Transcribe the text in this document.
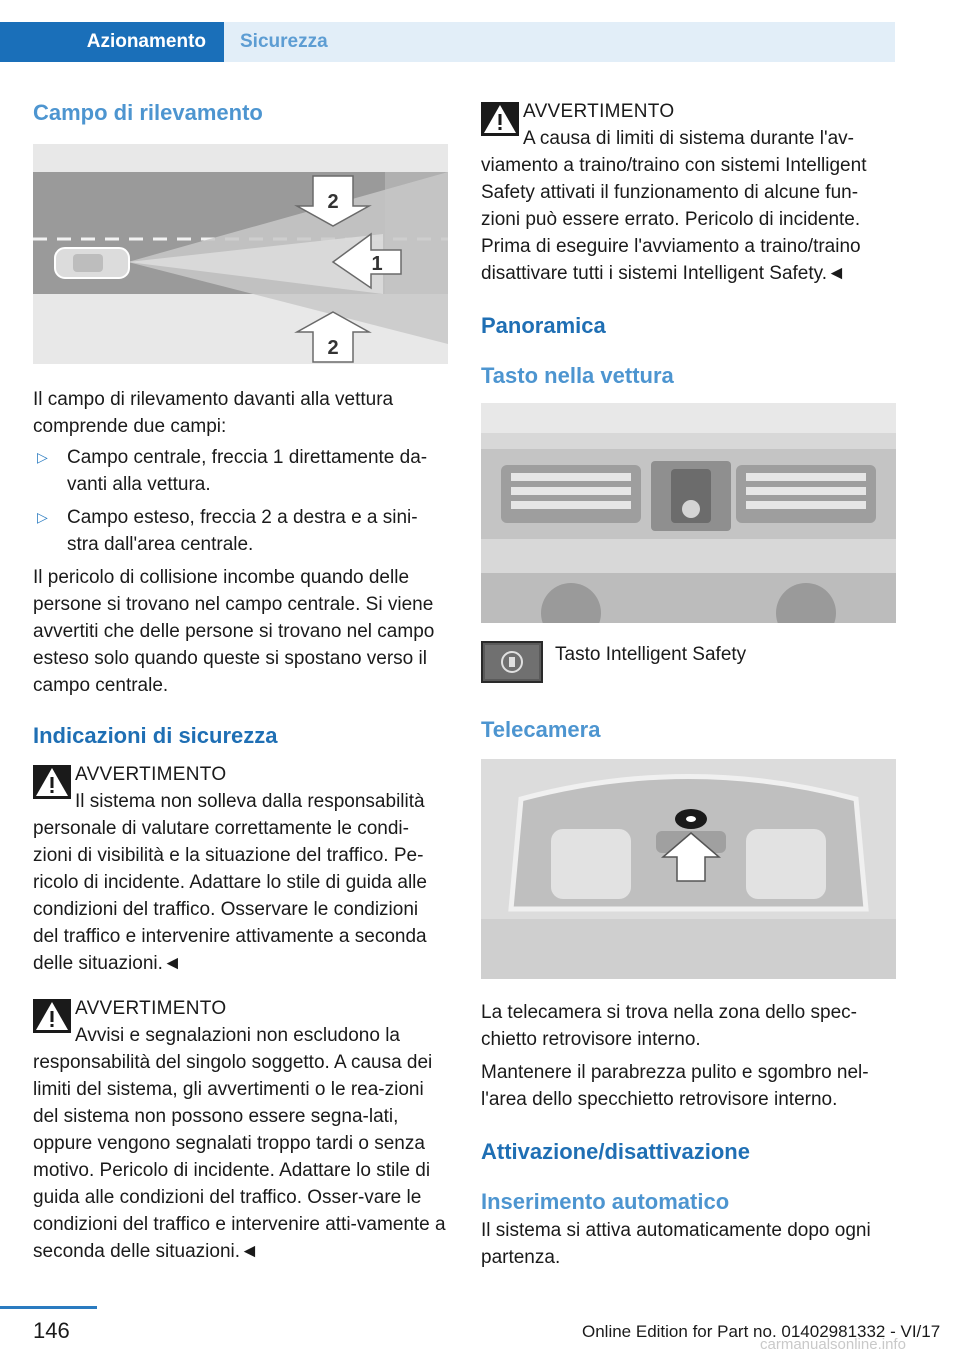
Azionamento	Sicurezza
Campo di rilevamento
2
1
2

Il campo di rilevamento davanti alla vettura comprende due campi:

▷ Campo centrale, freccia 1 direttamente da-vanti alla vettura.
▷ Campo esteso, freccia 2 a destra e a sini-stra dall'area centrale.

Il pericolo di collisione incombe quando delle persone si trovano nel campo centrale. Si viene avvertiti che delle persone si trovano nel campo esteso solo quando queste si spostano verso il campo centrale.

Indicazioni di sicurezza
AVVERTIMENTO
Il sistema non solleva dalla responsabilità
personale di valutare correttamente le condi-zioni di visibilità e la situazione del traffico. Pe-ricolo di incidente. Adattare lo stile di guida alle condizioni del traffico. Osservare le condizioni del traffico e intervenire attivamente a seconda delle situazioni.◄
AVVERTIMENTO
Avvisi e segnalazioni non escludono la
responsabilità del singolo soggetto. A causa dei limiti del sistema, gli avvertimenti o le rea-zioni del sistema non possono essere segna-lati, oppure vengono segnalati troppo tardi o senza motivo. Pericolo di incidente. Adattare lo stile di guida alle condizioni del traffico. Osser-vare le condizioni del traffico e intervenire atti-vamente a seconda delle situazioni.◄
AVVERTIMENTO
A causa di limiti di sistema durante l'av-
viamento a traino/traino con sistemi Intelligent Safety attivati il funzionamento di alcune fun-zioni può essere errato. Pericolo di incidente. Prima di eseguire l'avviamento a traino/traino disattivare tutti i sistemi Intelligent Safety.◄
Panoramica
Tasto nella vettura
Tasto Intelligent Safety
Telecamera

La telecamera si trova nella zona dello spec-chietto retrovisore interno.

Mantenere il parabrezza pulito e sgombro nel-l'area dello specchietto retrovisore interno.

Attivazione/disattivazione
Inserimento automatico

Il sistema si attiva automaticamente dopo ogni partenza.

146	Online Edition for Part no. 01402981332 - VI/17
carmanualsonline.info
